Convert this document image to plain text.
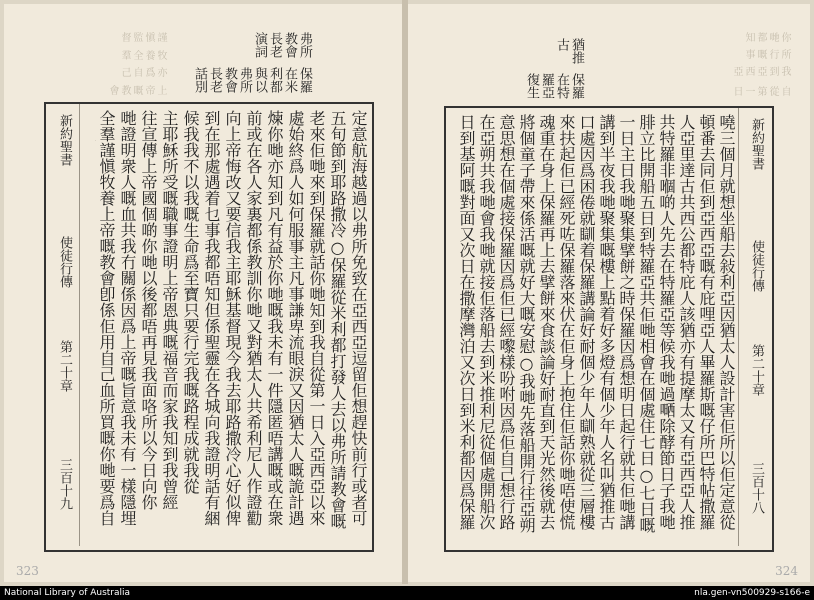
上帝嘅教會
亦爲自己
牧養全羣
謹愼監督
保羅在米利都與以弗所教會長老話別
弗所教會長老演詞
新約聖書
使徒行傳
第二十章
三百十九
定意航海越過以弗所免致在亞西亞逗留佢想趕快前行或者可
五旬節到耶路撒冷○保羅從米利都打發人去以弗所請教會嘅
老來佢哋來到保羅就話你哋知到我自從第一日入亞西亞以來
處始終爲人如何服事主凡事謙卑流眼淚又因猶太人嘅詭計遇
煉你哋亦知到凡有益於你哋嘅我未有一件隱匿唔講嘅或在衆
前或在各人家裏都係教訓你哋又對猶太人共希利尼人作證勸
向上帝悔改又要信我主耶穌基督現今我去耶路撒冷心好似俾
到在那處遇着乜事我都唔知但係聖靈在各城向我證明話有綑
候我我不以我嘅生命爲至寶只要行完我嘅路程成就我從
主耶穌所受嘅職事證明上帝恩典嘅福音而家我知到我曾經
往宣傳上帝國個啲你哋以後都唔再見我面咯所以今日向你
哋證明衆人嘅血共我冇關係因爲上帝嘅旨意我未有一樣隱埋
全羣謹愼牧養上帝嘅教會卽係佢用自己血所買嘅你哋要爲自
323
自從第一日
我到亞西亞
所行嘅事
你哋都知
保羅在特羅亞復生
猶推古
新約聖書
使徒行傳
第二十章
三百十八
嘵三個月就想坐船去敍利亞因猶太人設計害佢所以佢定意從
頓番去同佢到亞西亞嘅有庇哩亞人畢羅斯嘅仔所巴特帖撒羅
人亞里達古共西公都特庇人該猶亦有提摩太又有亞西亞人推
共特羅非嗰啲人先去在特羅亞等候我哋過嗮除酵節日子我哋
腓立比開船五日到特羅亞共佢哋相會在個處住七日○七日嘅
一日主日我哋聚集擘餅之時保羅因爲想明日起行就共佢哋講
講到半夜我哋聚集嘅樓上點着好多燈有個少年人名叫猶推古
口處因爲困倦就瞓着保羅講論好耐個少年人瞓熟就從三層樓
來扶起佢已經死咗保羅落來伏在佢身上抱住佢話你哋唔使慌
魂重在身上保羅再上去擘餅來食談論好耐直到天光然後就去
將個童子帶來係活嘅就好大嘅安慰○我哋先落船開行往亞朔
意思想在個處接保羅因爲佢已經嚟樣吩咐因爲佢自己想行路
在亞朔共我哋會我哋就接佢落船去到米推利尼從個處開船次
日到基阿嘅對面又次日在撒摩灣泊又次日到米利都因爲保羅
324
National Library of Australia	nla.gen-vn500929-s166-e
